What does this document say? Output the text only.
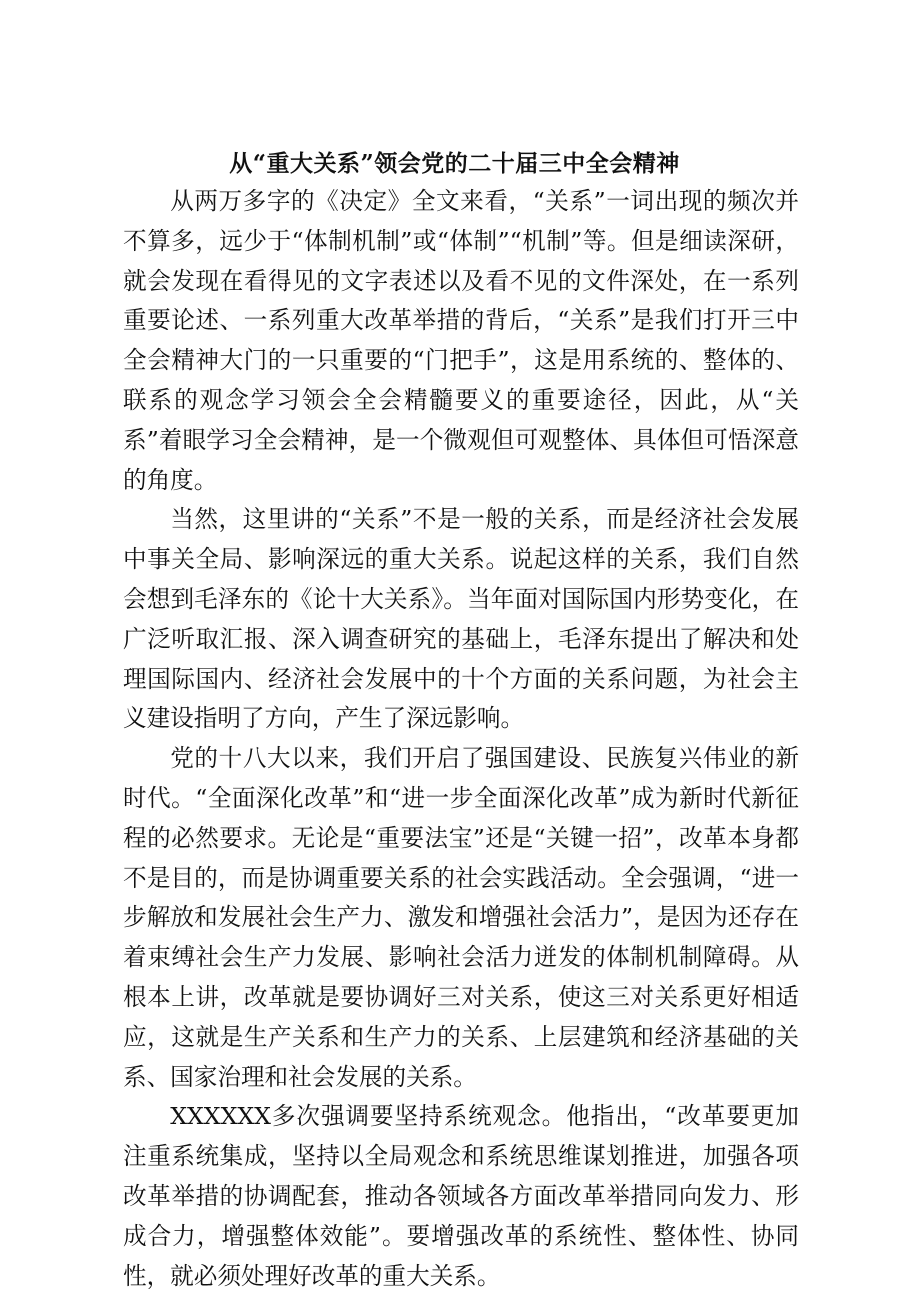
从“重大关系”领会党的二十届三中全会精神

从两万多字的《决定》全文来看，“关系”一词出现的频次并不算多，远少于“体制机制”或“体制”“机制”等。但是细读深研，就会发现在看得见的文字表述以及看不见的文件深处，在一系列重要论述、一系列重大改革举措的背后，“关系”是我们打开三中全会精神大门的一只重要的“门把手”，这是用系统的、整体的、联系的观念学习领会全会精髓要义的重要途径，因此，从“关系”着眼学习全会精神，是一个微观但可观整体、具体但可悟深意的角度。

当然，这里讲的“关系”不是一般的关系，而是经济社会发展中事关全局、影响深远的重大关系。说起这样的关系，我们自然会想到毛泽东的《论十大关系》。当年面对国际国内形势变化，在广泛听取汇报、深入调查研究的基础上，毛泽东提出了解决和处理国际国内、经济社会发展中的十个方面的关系问题，为社会主义建设指明了方向，产生了深远影响。

党的十八大以来，我们开启了强国建设、民族复兴伟业的新时代。“全面深化改革”和“进一步全面深化改革”成为新时代新征程的必然要求。无论是“重要法宝”还是“关键一招”，改革本身都不是目的，而是协调重要关系的社会实践活动。全会强调，“进一步解放和发展社会生产力、激发和增强社会活力”，是因为还存在着束缚社会生产力发展、影响社会活力迸发的体制机制障碍。从根本上讲，改革就是要协调好三对关系，使这三对关系更好相适应，这就是生产关系和生产力的关系、上层建筑和经济基础的关系、国家治理和社会发展的关系。

XXXXXX多次强调要坚持系统观念。他指出，“改革要更加注重系统集成，坚持以全局观念和系统思维谋划推进，加强各项改革举措的协调配套，推动各领域各方面改革举措同向发力、形成合力，增强整体效能”。要增强改革的系统性、整体性、协同性，就必须处理好改革的重大关系。
